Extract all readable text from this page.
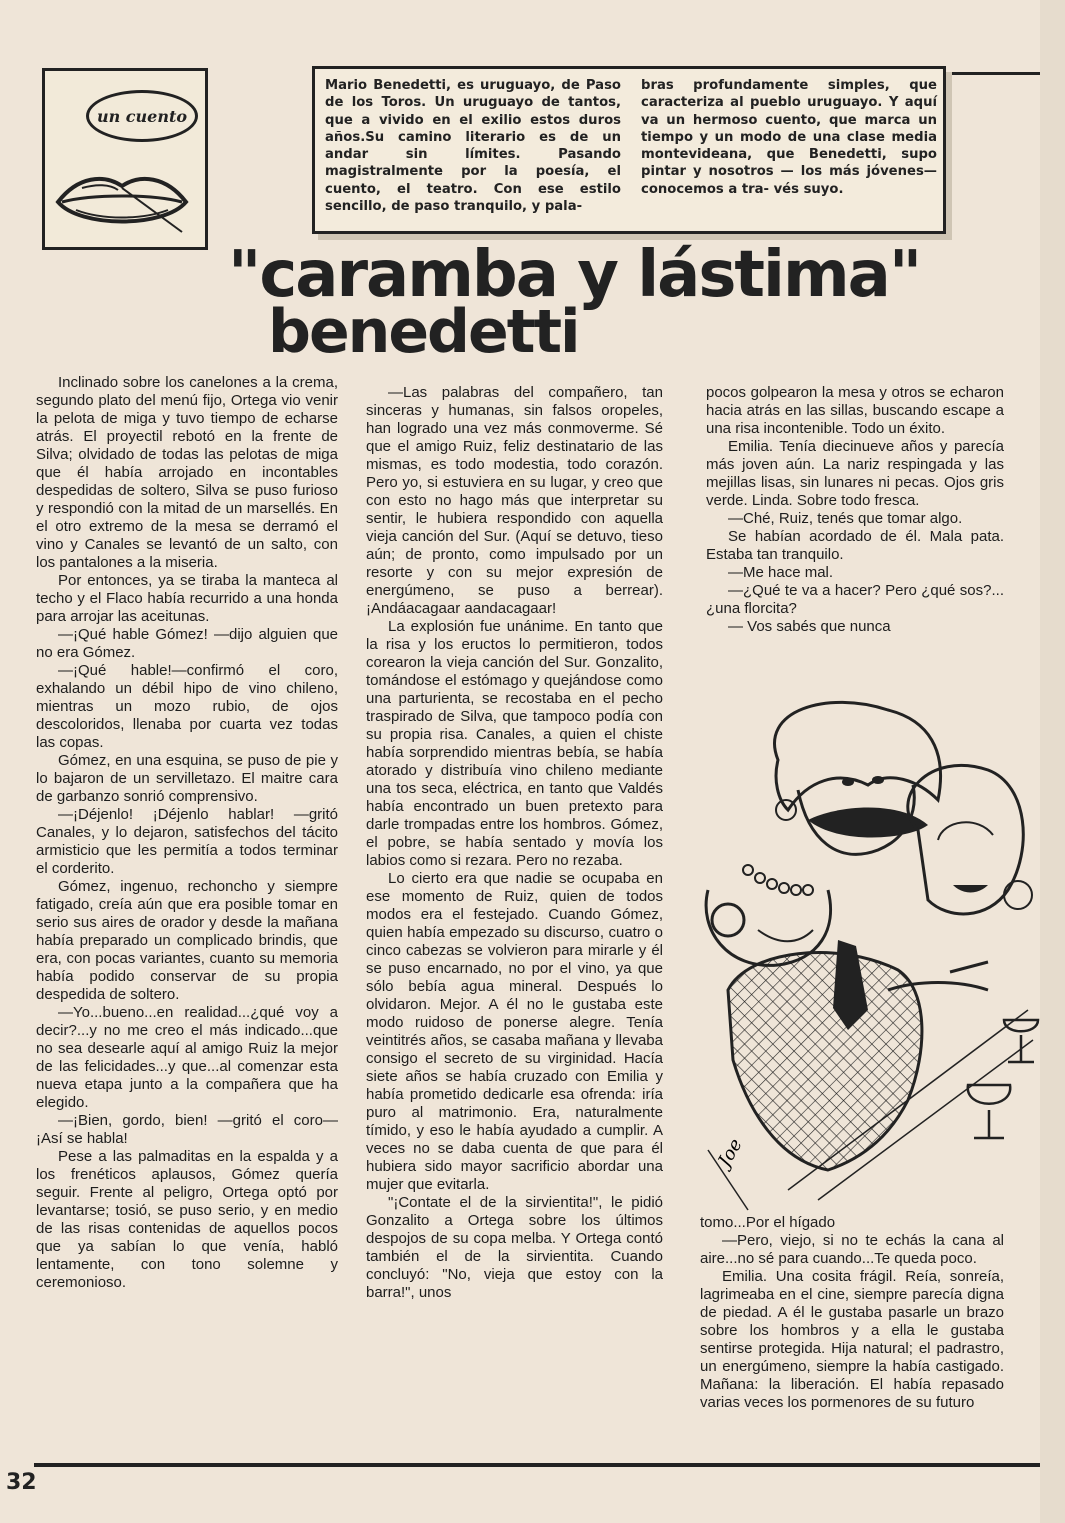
un cuento
Mario Benedetti, es uruguayo, de Paso de los Toros. Un uruguayo de tantos, que a vivido en el exilio estos duros años.Su camino literario es de un andar sin límites. Pasando magistralmente por la poesía, el cuento, el teatro. Con ese estilo sencillo, de paso tranquilo, y pala-
bras profundamente simples, que caracteriza al pueblo uruguayo. Y aquí va un hermoso cuento, que marca un tiempo y un modo de una clase media montevideana, que Benedetti, supo pintar y nosotros — los más jóvenes— conocemos a tra- vés suyo.
"caramba y lástima"
benedetti

Inclinado sobre los canelones a la crema, segundo plato del menú fijo, Ortega vio venir la pelota de miga y tuvo tiempo de echarse atrás. El proyectil rebotó en la frente de Silva; olvidado de todas las pelotas de miga que él había arrojado en incontables despedidas de soltero, Silva se puso furioso y respondió con la mitad de un marsellés. En el otro extremo de la mesa se derramó el vino y Canales se levantó de un salto, con los pantalones a la miseria.

Por entonces, ya se tiraba la manteca al techo y el Flaco había recurrido a una honda para arrojar las aceitunas.

—¡Qué hable Gómez! —dijo alguien que no era Gómez.

—¡Qué hable!—confirmó el coro, exhalando un débil hipo de vino chileno, mientras un mozo rubio, de ojos descoloridos, llenaba por cuarta vez todas las copas.

Gómez, en una esquina, se puso de pie y lo bajaron de un servilletazo. El maitre cara de garbanzo sonrió comprensivo.

—¡Déjenlo! ¡Déjenlo hablar! —gritó Canales, y lo dejaron, satisfechos del tácito armisticio que les permitía a todos terminar el corderito.

Gómez, ingenuo, rechoncho y siempre fatigado, creía aún que era posible tomar en serio sus aires de orador y desde la mañana había preparado un complicado brindis, que era, con pocas variantes, cuanto su memoria había podido conservar de su propia despedida de soltero.

—Yo...bueno...en realidad...¿qué voy a decir?...y no me creo el más indicado...que no sea desearle aquí al amigo Ruiz la mejor de las felicidades...y que...al comenzar esta nueva etapa junto a la compañera que ha elegido.

—¡Bien, gordo, bien! —gritó el coro— ¡Así se habla!

Pese a las palmaditas en la espalda y a los frenéticos aplausos, Gómez quería seguir. Frente al peligro, Ortega optó por levantarse; tosió, se puso serio, y en medio de las risas contenidas de aquellos pocos que ya sabían lo que venía, habló lentamente, con tono solemne y ceremonioso.

—Las palabras del compañero, tan sinceras y humanas, sin falsos oropeles, han logrado una vez más conmoverme. Sé que el amigo Ruiz, feliz destinatario de las mismas, es todo modestia, todo corazón. Pero yo, si estuviera en su lugar, y creo que con esto no hago más que interpretar su sentir, le hubiera respondido con aquella vieja canción del Sur. (Aquí se detuvo, tieso aún; de pronto, como impulsado por un resorte y con su mejor expresión de energúmeno, se puso a berrear). ¡Andáacagaar aandacagaar!

La explosión fue unánime. En tanto que la risa y los eructos lo permitieron, todos corearon la vieja canción del Sur. Gonzalito, tomándose el estómago y quejándose como una parturienta, se recostaba en el pecho traspirado de Silva, que tampoco podía con su propia risa. Canales, a quien el chiste había sorprendido mientras bebía, se había atorado y distribuía vino chileno mediante una tos seca, eléctrica, en tanto que Valdés había encontrado un buen pretexto para darle trompadas entre los hombros. Gómez, el pobre, se había sentado y movía los labios como si rezara. Pero no rezaba.

Lo cierto era que nadie se ocupaba en ese momento de Ruiz, quien de todos modos era el festejado. Cuando Gómez, quien había empezado su discurso, cuatro o cinco cabezas se volvieron para mirarle y él se puso encarnado, no por el vino, ya que sólo bebía agua mineral. Después lo olvidaron. Mejor. A él no le gustaba este modo ruidoso de ponerse alegre. Tenía veintitrés años, se casaba mañana y llevaba consigo el secreto de su virginidad. Hacía siete años se había cruzado con Emilia y había prometido dedicarle esa ofrenda: iría puro al matrimonio. Era, naturalmente tímido, y eso le había ayudado a cumplir. A veces no se daba cuenta de que para él hubiera sido mayor sacrificio abordar una mujer que evitarla.

"¡Contate el de la sirvientita!", le pidió Gonzalito a Ortega sobre los últimos despojos de su copa melba. Y Ortega contó también el de la sirvientita. Cuando concluyó: "No, vieja que estoy con la barra!", unos

pocos golpearon la mesa y otros se echaron hacia atrás en las sillas, buscando escape a una risa incontenible. Todo un éxito.

Emilia. Tenía diecinueve años y parecía más joven aún. La nariz respingada y las mejillas lisas, sin lunares ni pecas. Ojos gris verde. Linda. Sobre todo fresca.

—Ché, Ruiz, tenés que tomar algo.

Se habían acordado de él. Mala pata. Estaba tan tranquilo.

—Me hace mal.

—¿Qué te va a hacer? Pero ¿qué sos?...¿una florcita?

— Vos sabés que nunca

Joe

tomo...Por el hígado

—Pero, viejo, si no te echás la cana al aire...no sé para cuando...Te queda poco.

Emilia. Una cosita frágil. Reía, sonreía, lagrimeaba en el cine, siempre parecía digna de piedad. A él le gustaba pasarle un brazo sobre los hombros y a ella le gustaba sentirse protegida. Hija natural; el padrastro, un energúmeno, siempre la había castigado. Mañana: la liberación. El había repasado varias veces los pormenores de su futuro

32
